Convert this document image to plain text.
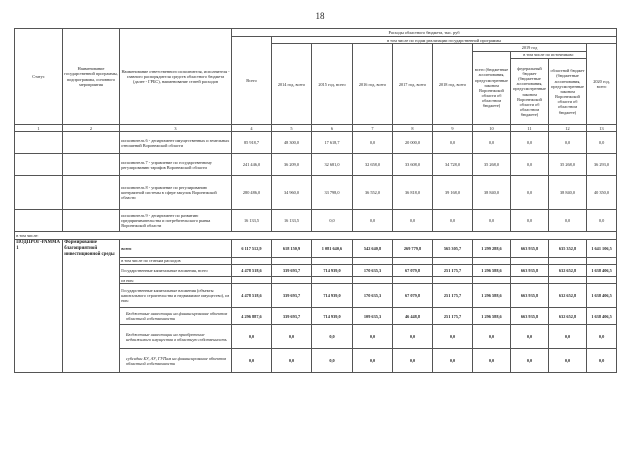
18
Статус	Наименование государственной программы, подпрограммы, основного мероприятия	Наименование ответственного исполнителя, исполнителя - главного распорядителя средств областного бюджета (далее - ГРБС), наименование статей расходов	Расходы областного бюджета, тыс. руб									
			Всего	в том числе по годам реализации государственной программы								
				2014 год, всего	2015 год, всего	2016 год, всего	2017 год, всего	2018 год, всего	2019 год			2020 год, всего
									всего (бюджетные ассигнования, предусмотренные законом Воронежской области об областном бюджете)	в том числе по источникам:		
										федеральный бюджет (бюджетные ассигнования, предусмотренные законом Воронежской области об областном бюджете)	областной бюджет (бюджетные ассигнования, предусмотренные законом Воронежской области об областном бюджете)	
1	2	3	4	5	6	7	8	9	10	11	12	13
		исполнитель 6 - департамент имущественных и земельных отношений Воронежской области	85 918,7	48 300,0	17 618,7	0,0	20 000,0	0,0	0,0	0,0	0,0	0,0
		исполнитель 7 - управление по государственному регулированию тарифов Воронежской области	241 446,0	36 209,0	32 681,0	32 658,0	33 608,0	34 728,0	35 268,0	0,0	35 268,0	36 293,0
		исполнитель 8 - управление по регулированию контрактной системы в сфере закупок Воронежской области	280 486,0	34 960,0	33 798,0	36 552,0	36 818,0	39 168,0	38 840,0	0,0	38 840,0	40 350,0
		исполнитель 9 - департамент по развитию предпринимательства и потребительского рынка Воронежской области	16 133,5	16 133,5	0,0	0,0	0,0	0,0	0,0	0,0	0,0	0,0
в том числе:												
ПОДПРОГ-РАММА 1	Формирование благоприятной инвестиционной среды	всего	6 117 512,9	618 150,9	1 081 640,6	542 640,8	269 779,8	565 305,7	1 299 288,6	663 935,8	635 352,8	1 641 106,5
		в том числе по статьям расходов										
		Государственные капитальные вложения, всего	4 478 518,6	339 693,7	714 939,0	170 635,3	67 079,8	251 175,7	1 296 588,6	663 935,8	632 652,8	1 638 406,5
		из них:										
		Государственные капитальные вложения (объекты капитального строительства и недвижимое имущество), из них:	4 478 518,6	339 693,7	714 939,0	170 635,3	67 079,8	251 175,7	1 296 588,6	663 935,8	632 652,8	1 638 406,5
		Бюджетные инвестиции на финансирование объектов областной собственности	4 296 887,6	339 693,7	714 939,0	109 635,3	46 448,8	251 175,7	1 296 588,6	663 935,8	632 652,8	1 638 406,5
		Бюджетные инвестиции на приобретение недвижимого имущества в областную собственность	0,0	0,0	0,0	0,0	0,0	0,0	0,0	0,0	0,0	0,0
		субсидии БУ, АУ, ГУПам на финансирование объектов областной собственности	0,0	0,0	0,0	0,0	0,0	0,0	0,0	0,0	0,0	0,0
